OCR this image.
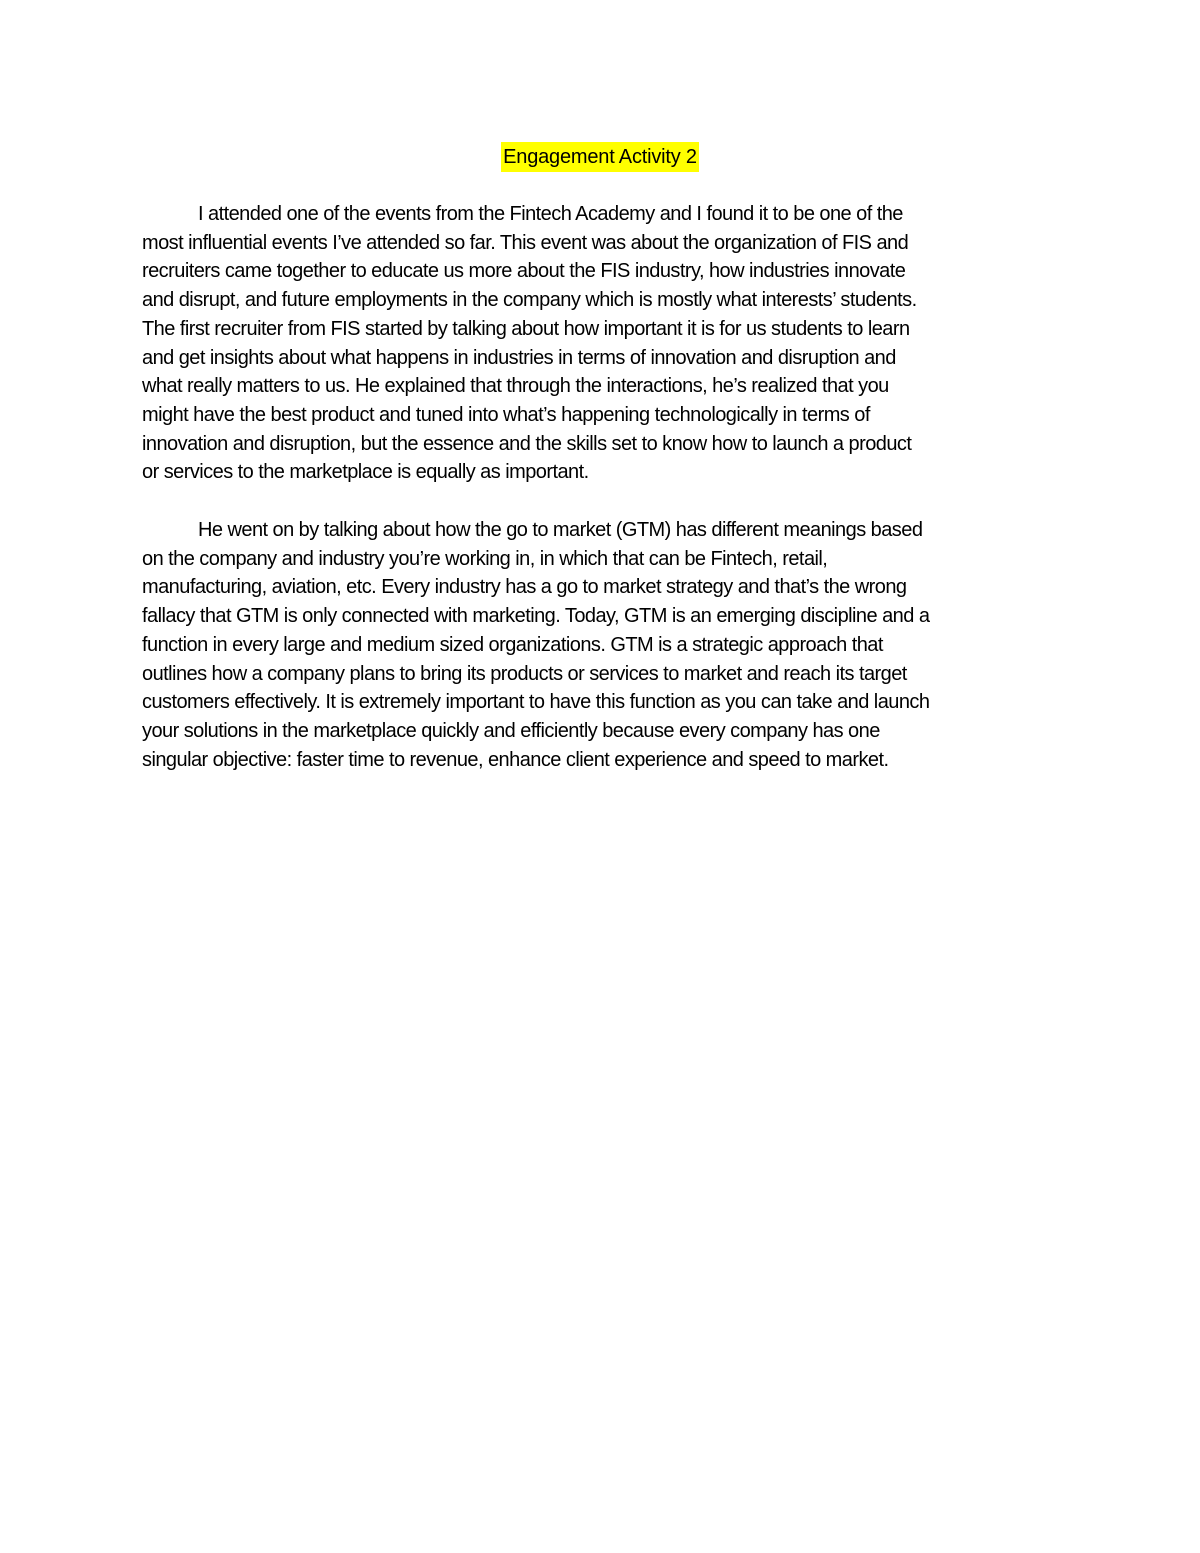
Engagement Activity 2

I attended one of the events from the Fintech Academy and I found it to be one of the
most influential events I’ve attended so far. This event was about the organization of FIS and
recruiters came together to educate us more about the FIS industry, how industries innovate
and disrupt, and future employments in the company which is mostly what interests’ students.
The first recruiter from FIS started by talking about how important it is for us students to learn
and get insights about what happens in industries in terms of innovation and disruption and
what really matters to us. He explained that through the interactions, he’s realized that you
might have the best product and tuned into what’s happening technologically in terms of
innovation and disruption, but the essence and the skills set to know how to launch a product
or services to the marketplace is equally as important.

He went on by talking about how the go to market (GTM) has different meanings based
on the company and industry you’re working in, in which that can be Fintech, retail,
manufacturing, aviation, etc. Every industry has a go to market strategy and that’s the wrong
fallacy that GTM is only connected with marketing. Today, GTM is an emerging discipline and a
function in every large and medium sized organizations. GTM is a strategic approach that
outlines how a company plans to bring its products or services to market and reach its target
customers effectively. It is extremely important to have this function as you can take and launch
your solutions in the marketplace quickly and efficiently because every company has one
singular objective: faster time to revenue, enhance client experience and speed to market.
